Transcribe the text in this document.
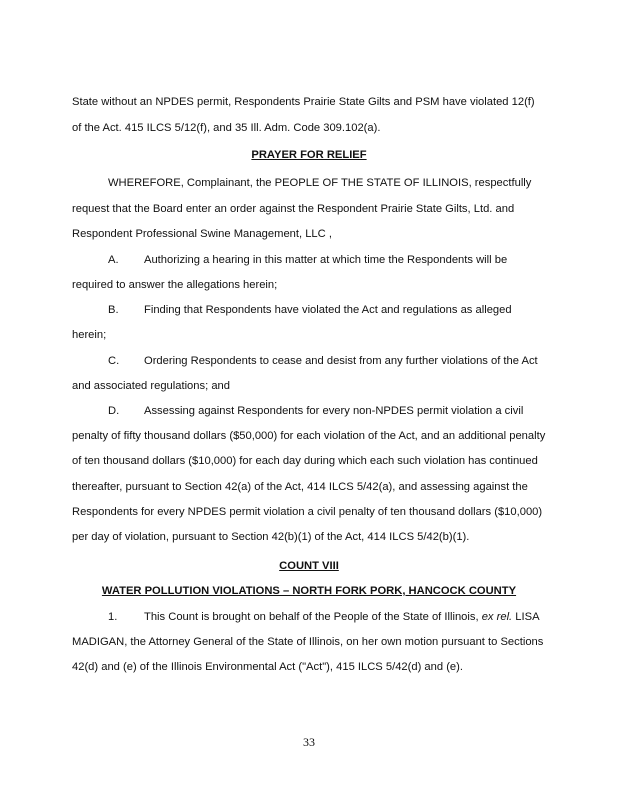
State without an NPDES permit, Respondents Prairie State Gilts and PSM have violated 12(f)
of the Act. 415 ILCS 5/12(f), and 35 Ill. Adm. Code 309.102(a).
PRAYER FOR RELIEF
WHEREFORE, Complainant, the PEOPLE OF THE STATE OF ILLINOIS, respectfully
request that the Board enter an order against the Respondent Prairie State Gilts, Ltd. and
Respondent Professional Swine Management, LLC ,
A. Authorizing a hearing in this matter at which time the Respondents will be
required to answer the allegations herein;
B. Finding that Respondents have violated the Act and regulations as alleged
herein;
C. Ordering Respondents to cease and desist from any further violations of the Act
and associated regulations; and
D. Assessing against Respondents for every non-NPDES permit violation a civil
penalty of fifty thousand dollars ($50,000) for each violation of the Act, and an additional penalty
of ten thousand dollars ($10,000) for each day during which each such violation has continued
thereafter, pursuant to Section 42(a) of the Act, 414 ILCS 5/42(a), and assessing against the
Respondents for every NPDES permit violation a civil penalty of ten thousand dollars ($10,000)
per day of violation, pursuant to Section 42(b)(1) of the Act, 414 ILCS 5/42(b)(1).
COUNT VIII
WATER POLLUTION VIOLATIONS – NORTH FORK PORK, HANCOCK COUNTY
1. This Count is brought on behalf of the People of the State of Illinois, ex rel. LISA
MADIGAN, the Attorney General of the State of Illinois, on her own motion pursuant to Sections
42(d) and (e) of the Illinois Environmental Act ("Act"), 415 ILCS 5/42(d) and (e).
33
